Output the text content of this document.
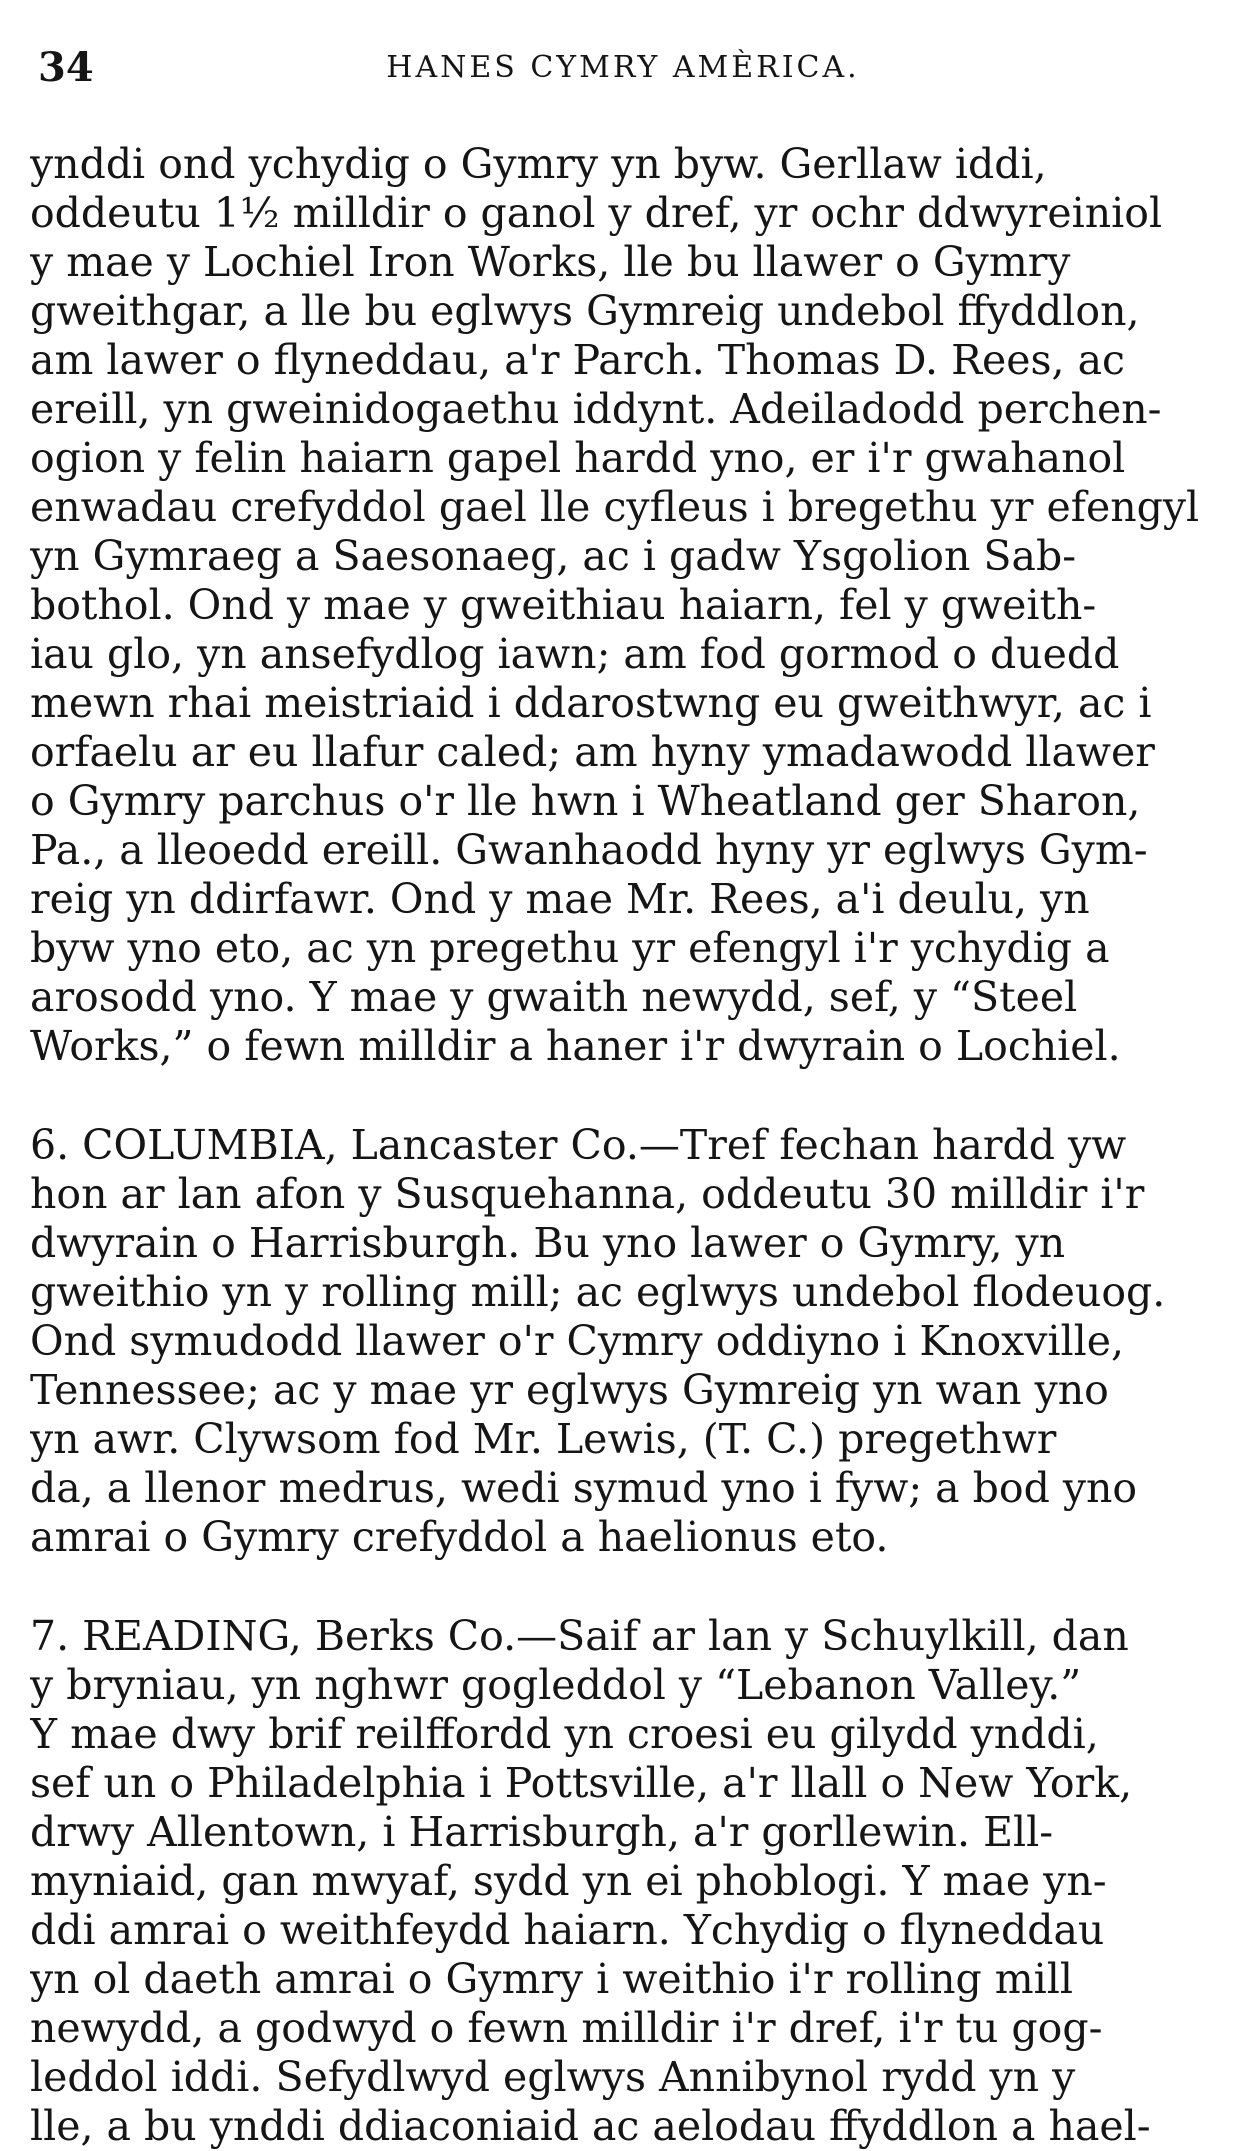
34	HANES CYMRY AMÈRICA.
ynddi ond ychydig o Gymry yn byw. Gerllaw iddi,
oddeutu 1½ milldir o ganol y dref, yr ochr ddwyreiniol
y mae y Lochiel Iron Works, lle bu llawer o Gymry
gweithgar, a lle bu eglwys Gymreig undebol ffyddlon,
am lawer o flyneddau, a'r Parch. Thomas D. Rees, ac
ereill, yn gweinidogaethu iddynt. Adeiladodd perchen-
ogion y felin haiarn gapel hardd yno, er i'r gwahanol
enwadau crefyddol gael lle cyfleus i bregethu yr efengyl
yn Gymraeg a Saesonaeg, ac i gadw Ysgolion Sab-
bothol. Ond y mae y gweithiau haiarn, fel y gweith-
iau glo, yn ansefydlog iawn; am fod gormod o duedd
mewn rhai meistriaid i ddarostwng eu gweithwyr, ac i
orfaelu ar eu llafur caled; am hyny ymadawodd llawer
o Gymry parchus o'r lle hwn i Wheatland ger Sharon,
Pa., a lleoedd ereill. Gwanhaodd hyny yr eglwys Gym-
reig yn ddirfawr. Ond y mae Mr. Rees, a'i deulu, yn
byw yno eto, ac yn pregethu yr efengyl i'r ychydig a
arosodd yno. Y mae y gwaith newydd, sef, y “Steel
Works,” o fewn milldir a haner i'r dwyrain o Lochiel.
6. COLUMBIA, Lancaster Co.—Tref fechan hardd yw
hon ar lan afon y Susquehanna, oddeutu 30 milldir i'r
dwyrain o Harrisburgh. Bu yno lawer o Gymry, yn
gweithio yn y rolling mill; ac eglwys undebol flodeuog.
Ond symudodd llawer o'r Cymry oddiyno i Knoxville,
Tennessee; ac y mae yr eglwys Gymreig yn wan yno
yn awr. Clywsom fod Mr. Lewis, (T. C.) pregethwr
da, a llenor medrus, wedi symud yno i fyw; a bod yno
amrai o Gymry crefyddol a haelionus eto.
7. READING, Berks Co.—Saif ar lan y Schuylkill, dan
y bryniau, yn nghwr gogleddol y “Lebanon Valley.”
Y mae dwy brif reilffordd yn croesi eu gilydd ynddi,
sef un o Philadelphia i Pottsville, a'r llall o New York,
drwy Allentown, i Harrisburgh, a'r gorllewin. Ell-
myniaid, gan mwyaf, sydd yn ei phoblogi. Y mae yn-
ddi amrai o weithfeydd haiarn. Ychydig o flyneddau
yn ol daeth amrai o Gymry i weithio i'r rolling mill
newydd, a godwyd o fewn milldir i'r dref, i'r tu gog-
leddol iddi. Sefydlwyd eglwys Annibynol rydd yn y
lle, a bu ynddi ddiaconiaid ac aelodau ffyddlon a hael-
